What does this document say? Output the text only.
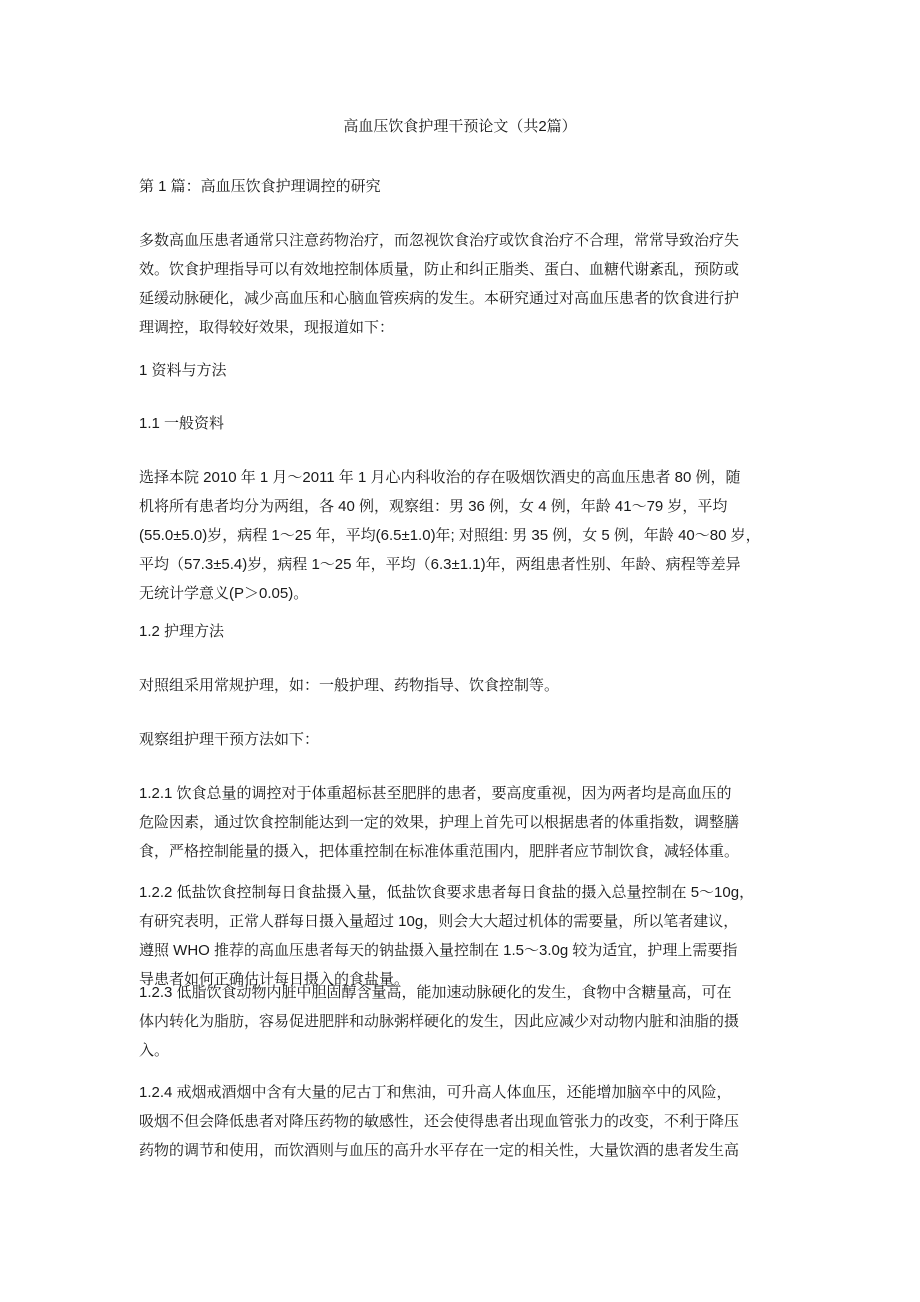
高血压饮食护理干预论文（共2篇）
第 1 篇：高血压饮食护理调控的研究
多数高血压患者通常只注意药物治疗，而忽视饮食治疗或饮食治疗不合理，常常导致治疗失
效。饮食护理指导可以有效地控制体质量，防止和纠正脂类、蛋白、血糖代谢紊乱，预防或
延缓动脉硬化，减少高血压和心脑血管疾病的发生。本研究通过对高血压患者的饮食进行护
理调控，取得较好效果，现报道如下：
1 资料与方法
1.1 一般资料
选择本院 2010 年 1 月～2011 年 1 月心内科收治的存在吸烟饮酒史的高血压患者 80 例，随
机将所有患者均分为两组，各 40 例，观察组：男 36 例，女 4 例，年龄 41～79 岁，平均
(55.0±5.0)岁，病程 1～25 年，平均(6.5±1.0)年; 对照组: 男 35 例，女 5 例，年龄 40～80 岁，
平均（57.3±5.4)岁，病程 1～25 年，平均（6.3±1.1)年，两组患者性别、年龄、病程等差异
无统计学意义(P＞0.05)。
1.2 护理方法
对照组采用常规护理，如：一般护理、药物指导、饮食控制等。
观察组护理干预方法如下：
1.2.1 饮食总量的调控对于体重超标甚至肥胖的患者，要高度重视，因为两者均是高血压的
危险因素，通过饮食控制能达到一定的效果，护理上首先可以根据患者的体重指数，调整膳
食，严格控制能量的摄入，把体重控制在标准体重范围内，肥胖者应节制饮食，减轻体重。
1.2.2 低盐饮食控制每日食盐摄入量，低盐饮食要求患者每日食盐的摄入总量控制在 5～10g，
有研究表明，正常人群每日摄入量超过 10g，则会大大超过机体的需要量，所以笔者建议，
遵照 WHO 推荐的高血压患者每天的钠盐摄入量控制在 1.5～3.0g 较为适宜，护理上需要指
导患者如何正确估计每日摄入的食盐量。
1.2.3 低脂饮食动物内脏中胆固醇含量高，能加速动脉硬化的发生，食物中含糖量高，可在
体内转化为脂肪，容易促进肥胖和动脉粥样硬化的发生，因此应减少对动物内脏和油脂的摄
入。
1.2.4 戒烟戒酒烟中含有大量的尼古丁和焦油，可升高人体血压，还能增加脑卒中的风险，
吸烟不但会降低患者对降压药物的敏感性，还会使得患者出现血管张力的改变，不利于降压
药物的调节和使用，而饮酒则与血压的高升水平存在一定的相关性，大量饮酒的患者发生高
